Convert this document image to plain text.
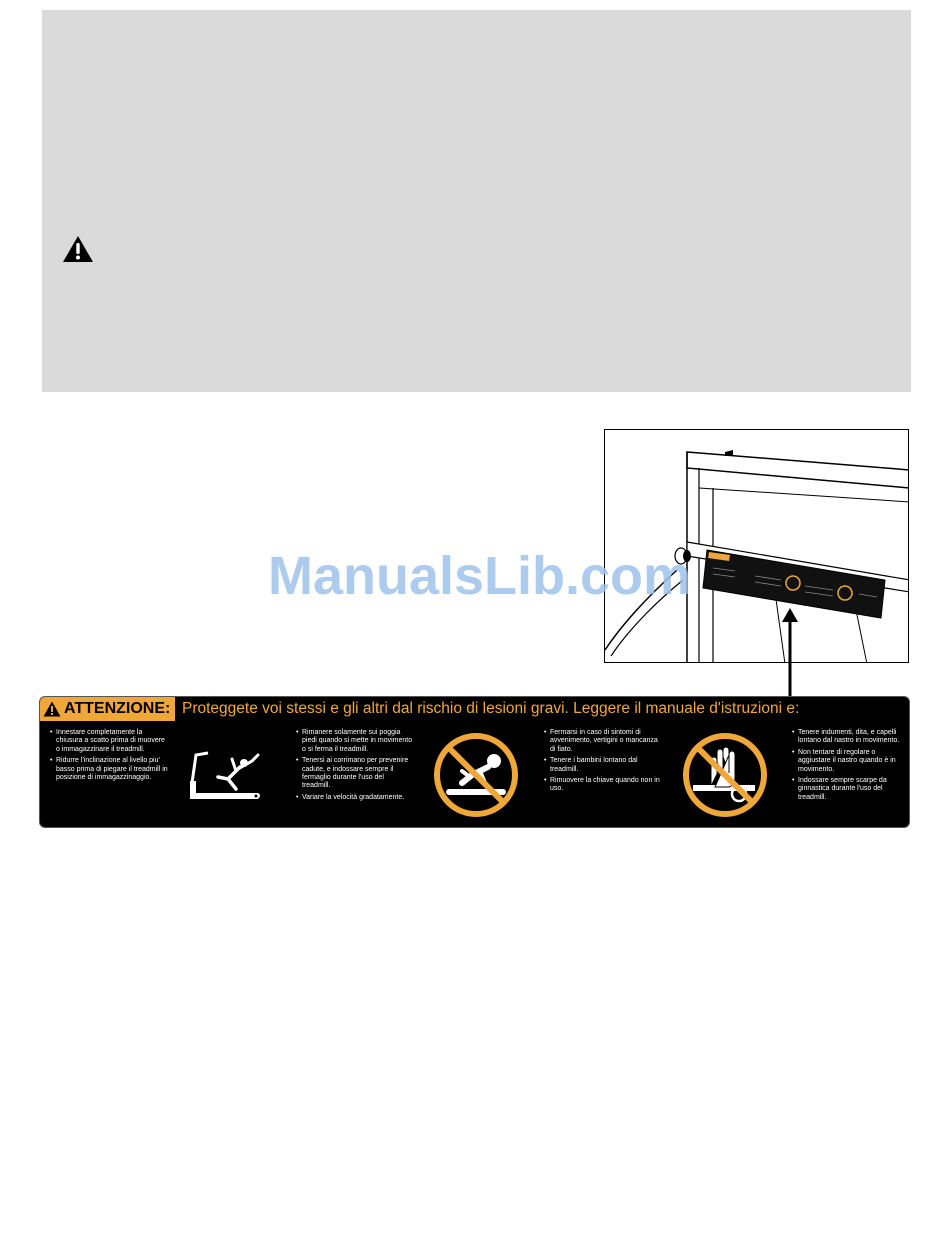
ManualsLib.com
ATTENZIONE: Proteggete voi stessi e gli altri dal rischio di lesioni gravi. Leggere il manuale d'istruzioni e:
• Innestare completamente la chiusura a scatto prima di muovere o immagazzinare il treadmill.
• Ridurre l'inclinazione al livello piu' basso prima di piegare il treadmill in posizione di immagazzinaggio.
• Rimanere solamente sui poggia piedi quando si mette in movimento o si ferma il treadmill.
• Tenersi ai corrimano per prevenire cadute, e indossare sempre il fermaglio durante l'uso del treadmill.
• Variare la velocità gradatamente.
• Fermarsi in caso di sintomi di avvenimento, vertigini o mancanza di fiato.
• Tenere i bambini lontano dal treadmill.
• Rimuovere la chiave quando non in uso.
• Tenere indumenti, dita, e capelli lontano dal nastro in movimento.
• Non tentare di regolare o aggiustare il nastro quando è in movimento.
• Indossare sempre scarpe da ginnastica durante l'uso del treadmill.
